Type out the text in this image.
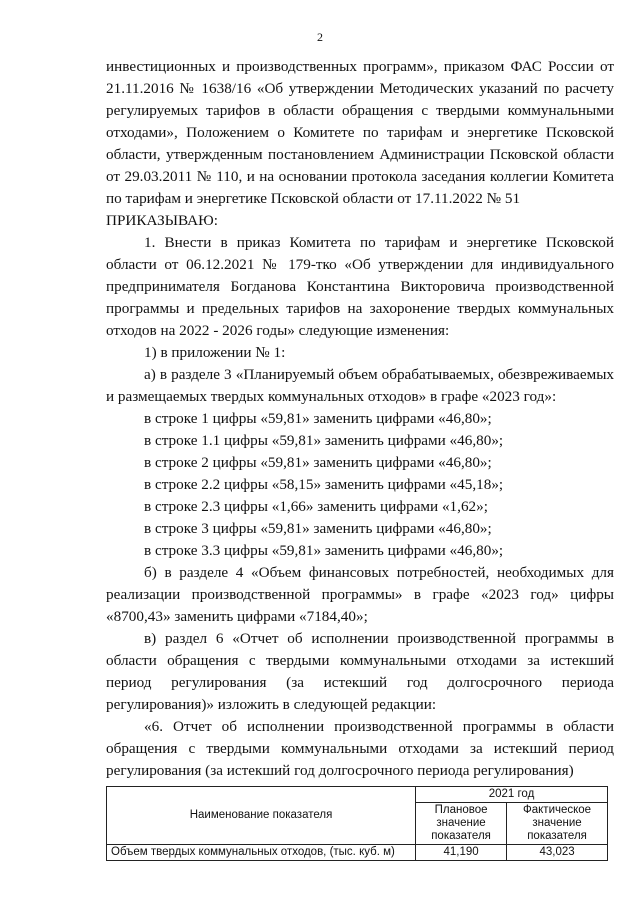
2

инвестиционных и производственных программ», приказом ФАС России от 21.11.2016 № 1638/16 «Об утверждении Методических указаний по расчету регулируемых тарифов в области обращения с твердыми коммунальными отходами», Положением о Комитете по тарифам и энергетике Псковской области, утвержденным постановлением Администрации Псковской области от 29.03.2011 № 110, и на основании протокола заседания коллегии Комитета по тарифам и энергетике Псковской области от 17.11.2022 № 51

ПРИКАЗЫВАЮ:

1. Внести в приказ Комитета по тарифам и энергетике Псковской области от 06.12.2021 № 179-тко «Об утверждении для индивидуального предпринимателя Богданова Константина Викторовича производственной программы и предельных тарифов на захоронение твердых коммунальных отходов на 2022 - 2026 годы» следующие изменения:

1) в приложении № 1:

а) в разделе 3 «Планируемый объем обрабатываемых, обезвреживаемых и размещаемых твердых коммунальных отходов» в графе «2023 год»:

в строке 1 цифры «59,81» заменить цифрами «46,80»;

в строке 1.1 цифры «59,81» заменить цифрами «46,80»;

в строке 2 цифры «59,81» заменить цифрами «46,80»;

в строке 2.2 цифры «58,15» заменить цифрами «45,18»;

в строке 2.3 цифры «1,66» заменить цифрами «1,62»;

в строке 3 цифры «59,81» заменить цифрами «46,80»;

в строке 3.3 цифры «59,81» заменить цифрами «46,80»;

б) в разделе 4 «Объем финансовых потребностей, необходимых для реализации производственной программы» в графе «2023 год» цифры «8700,43» заменить цифрами «7184,40»;

в) раздел 6 «Отчет об исполнении производственной программы в области обращения с твердыми коммунальными отходами за истекший период регулирования (за истекший год долгосрочного периода регулирования)» изложить в следующей редакции:

«6. Отчет об исполнении производственной программы в области обращения с твердыми коммунальными отходами за истекший период регулирования (за истекший год долгосрочного периода регулирования)

Наименование показателя	2021 год	
	Плановое значение показателя	Фактическое значение показателя
Объем твердых коммунальных отходов, (тыс. куб. м)	41,190	43,023
